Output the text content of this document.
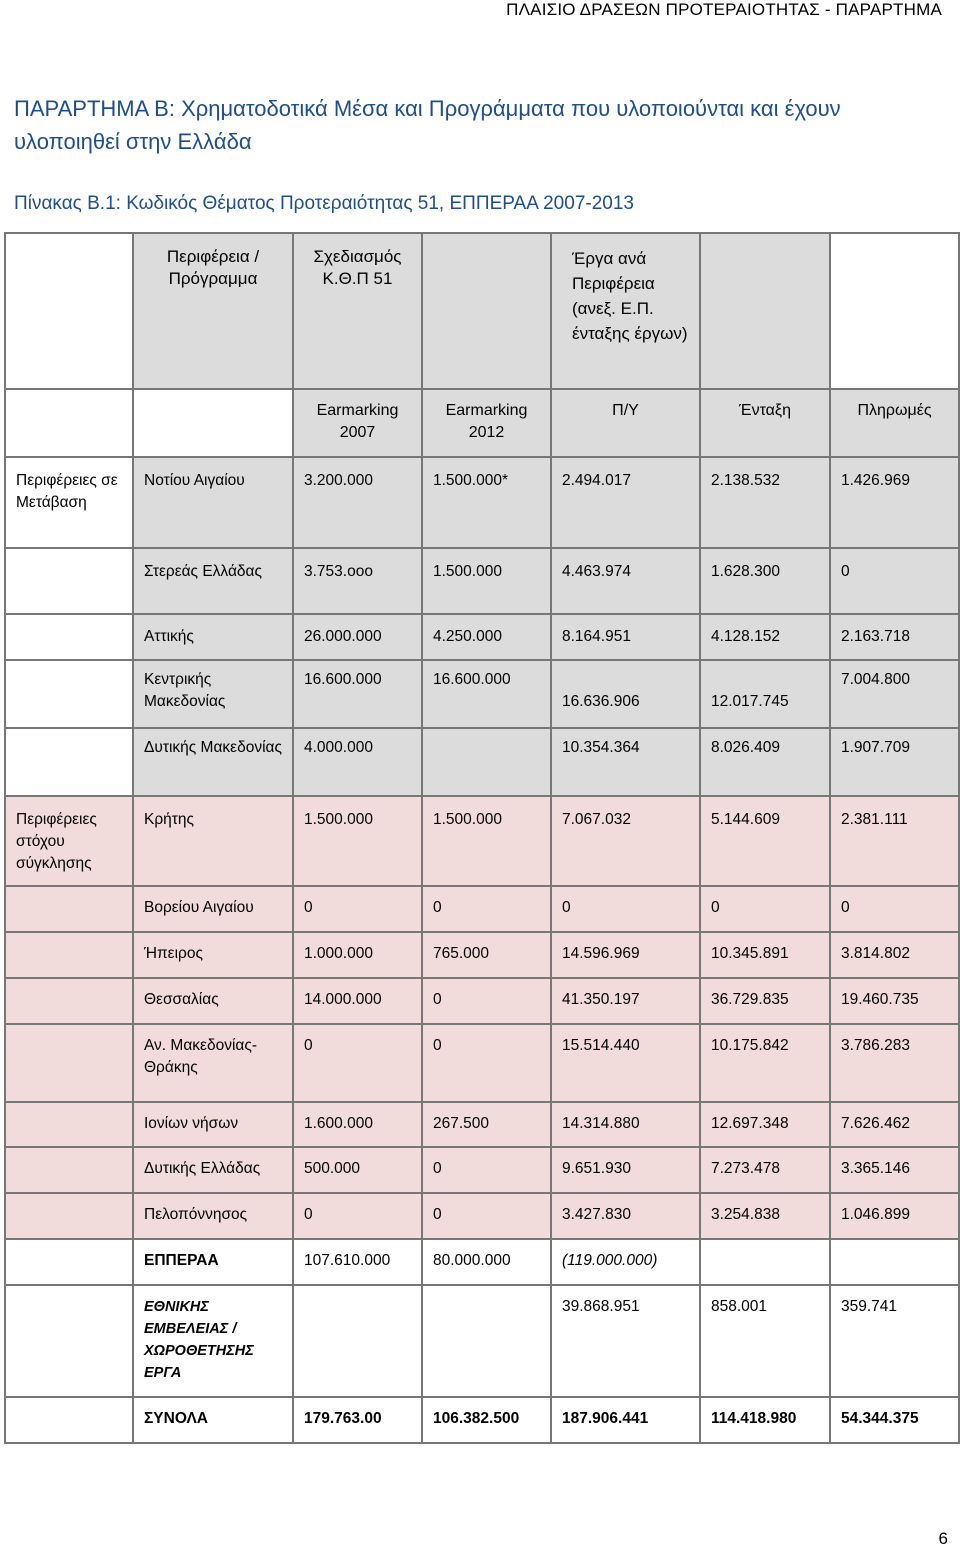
ΠΛΑΙΣΙΟ ΔΡΑΣΕΩΝ ΠΡΟΤΕΡΑΙΟΤΗΤΑΣ - ΠΑΡΑΡΤΗΜΑ
ΠΑΡΑΡΤΗΜΑ Β: Χρηματοδοτικά Μέσα και Προγράμματα που υλοποιούνται και έχουν υλοποιηθεί στην Ελλάδα
Πίνακας Β.1: Κωδικός Θέματος Προτεραιότητας 51, ΕΠΠΕΡΑΑ 2007-2013
	Περιφέρεια / Πρόγραμμα	Σχεδιασμός Κ.Θ.Π 51		Έργα ανά Περιφέρεια (ανεξ. Ε.Π. ένταξης έργων)		
		Earmarking 2007	Earmarking 2012	Π/Υ	Ένταξη	Πληρωμές
Περιφέρειες σε Μετάβαση	Νοτίου Αιγαίου	3.200.000	1.500.000*	2.494.017	2.138.532	1.426.969
	Στερεάς Ελλάδας	3.753.οοο	1.500.000	4.463.974	1.628.300	0
	Αττικής	26.000.000	4.250.000	8.164.951	4.128.152	2.163.718
	Κεντρικής Μακεδονίας	16.600.000	16.600.000	16.636.906	12.017.745	7.004.800
	Δυτικής Μακεδονίας	4.000.000		10.354.364	8.026.409	1.907.709
Περιφέρειες στόχου σύγκλησης	Κρήτης	1.500.000	1.500.000	7.067.032	5.144.609	2.381.111
	Βορείου Αιγαίου	0	0	0	0	0
	Ήπειρος	1.000.000	765.000	14.596.969	10.345.891	3.814.802
	Θεσσαλίας	14.000.000	0	41.350.197	36.729.835	19.460.735
	Αν. Μακεδονίας-Θράκης	0	0	15.514.440	10.175.842	3.786.283
	Ιονίων νήσων	1.600.000	267.500	14.314.880	12.697.348	7.626.462
	Δυτικής Ελλάδας	500.000	0	9.651.930	7.273.478	3.365.146
	Πελοπόννησος	0	0	3.427.830	3.254.838	1.046.899
	ΕΠΠΕΡΑΑ	107.610.000	80.000.000	(119.000.000)		
	ΕΘΝΙΚΗΣ ΕΜΒΕΛΕΙΑΣ /ΧΩΡΟΘΕΤΗΣΗΣ ΕΡΓΑ			39.868.951	858.001	359.741
	ΣΥΝΟΛΑ	179.763.00	106.382.500	187.906.441	114.418.980	54.344.375
6
